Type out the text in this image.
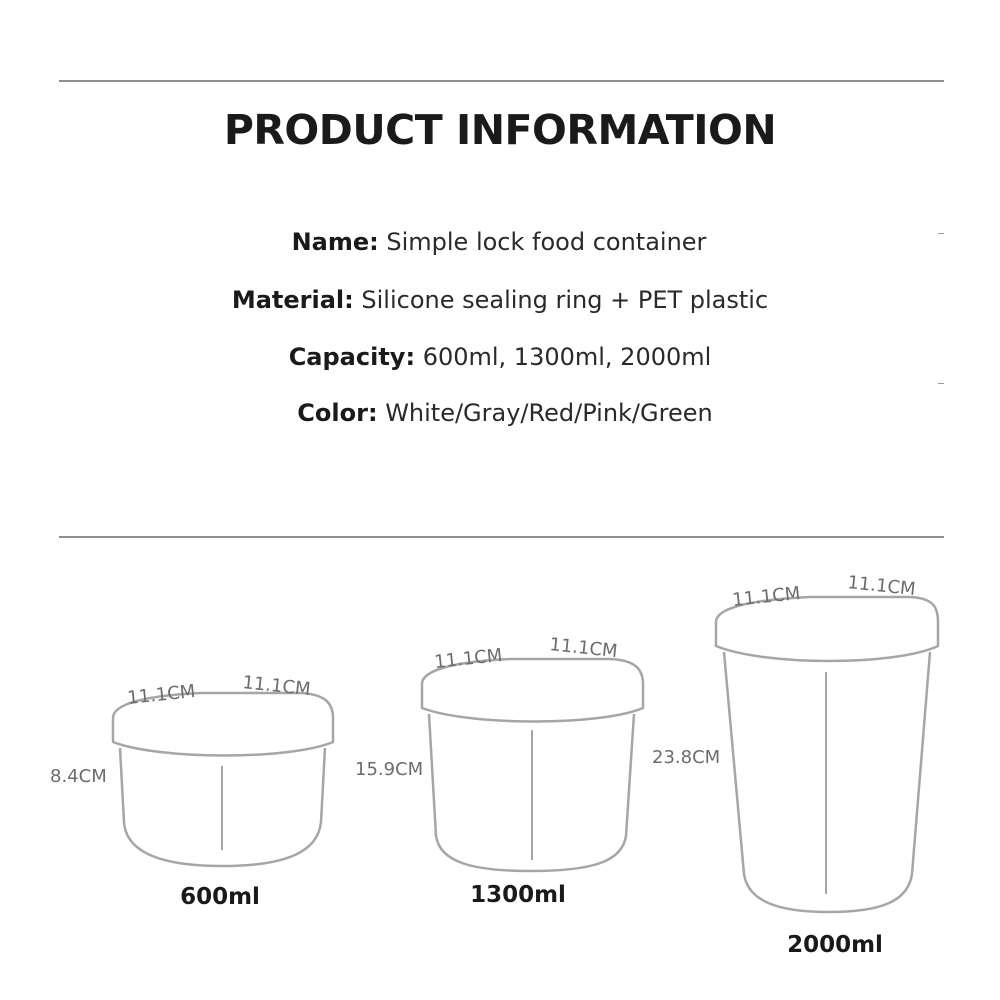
PRODUCT INFORMATION
Name: Simple lock food container
Material: Silicone sealing ring + PET plastic
Capacity: 600ml, 1300ml, 2000ml
Color: White/Gray/Red/Pink/Green
11.1CM	11.1CM
8.4CM
11.1CM	11.1CM
15.9CM
11.1CM	11.1CM
23.8CM
600ml	1300ml
2000ml
